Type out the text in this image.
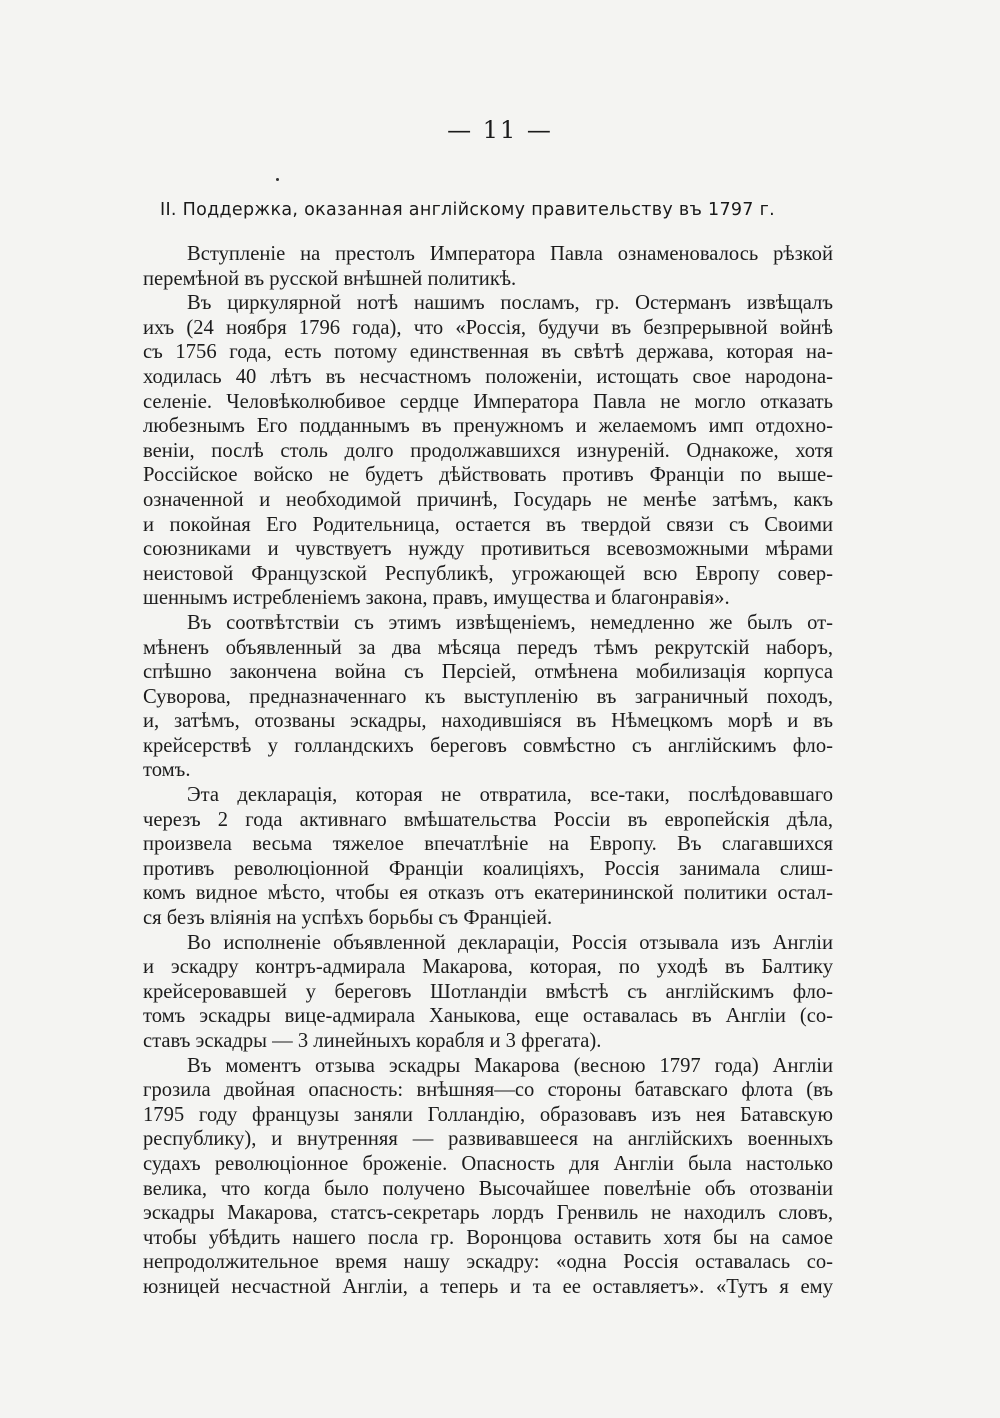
— 11 —
II. Поддержка, оказанная англійскому правительству въ 1797 г.
Вступленіе на престолъ Императора Павла ознаменовалось рѣзкой
перемѣной въ русской внѣшней политикѣ.
Въ циркулярной нотѣ нашимъ посламъ, гр. Остерманъ извѣщалъ
ихъ (24 ноября 1796 года), что «Россія, будучи въ безпрерывной войнѣ
съ 1756 года, есть потому единственная въ свѣтѣ держава, которая на-
ходилась 40 лѣтъ въ несчастномъ положеніи, истощать свое народона-
селеніе. Человѣколюбивое сердце Императора Павла не могло отказать
любезнымъ Его подданнымъ въ пренужномъ и желаемомъ имп отдохно-
веніи, послѣ столь долго продолжавшихся изнуреній. Однакоже, хотя
Россійское войско не будетъ дѣйствовать противъ Франціи по выше-
означенной и необходимой причинѣ, Государь не менѣе затѣмъ, какъ
и покойная Его Родительница, остается въ твердой связи съ Своими
союзниками и чувствуетъ нужду противиться всевозможными мѣрами
неистовой Французской Республикѣ, угрожающей всю Европу совер-
шеннымъ истребленіемъ закона, правъ, имущества и благонравія».
Въ соотвѣтствіи съ этимъ извѣщеніемъ, немедленно же былъ от-
мѣненъ объявленный за два мѣсяца передъ тѣмъ рекрутскій наборъ,
спѣшно закончена война съ Персіей, отмѣнена мобилизація корпуса
Суворова, предназначеннаго къ выступленію въ заграничный походъ,
и, затѣмъ, отозваны эскадры, находившіяся въ Нѣмецкомъ морѣ и въ
крейсерствѣ у голландскихъ береговъ совмѣстно съ англійскимъ фло-
томъ.
Эта декларація, которая не отвратила, все-таки, послѣдовавшаго
черезъ 2 года активнаго вмѣшательства Россіи въ европейскія дѣла,
произвела весьма тяжелое впечатлѣніе на Европу. Въ слагавшихся
противъ революціонной Франціи коалиціяхъ, Россія занимала слиш-
комъ видное мѣсто, чтобы ея отказъ отъ екатерининской политики остал-
ся безъ вліянія на успѣхъ борьбы съ Франціей.
Во исполненіе объявленной деклараціи, Россія отзывала изъ Англіи
и эскадру контръ-адмирала Макарова, которая, по уходѣ въ Балтику
крейсеровавшей у береговъ Шотландіи вмѣстѣ съ англійскимъ фло-
томъ эскадры вице-адмирала Ханыкова, еще оставалась въ Англіи (со-
ставъ эскадры — 3 линейныхъ корабля и 3 фрегата).
Въ моментъ отзыва эскадры Макарова (весною 1797 года) Англіи
грозила двойная опасность: внѣшняя—со стороны батавскаго флота (въ
1795 году французы заняли Голландію, образовавъ изъ нея Батавскую
республику), и внутренняя — развивавшееся на англійскихъ военныхъ
судахъ революціонное броженіе. Опасность для Англіи была настолько
велика, что когда было получено Высочайшее повелѣніе объ отозваніи
эскадры Макарова, статсъ-секретарь лордъ Гренвиль не находилъ словъ,
чтобы убѣдить нашего посла гр. Воронцова оставить хотя бы на самое
непродолжительное время нашу эскадру: «одна Россія оставалась со-
юзницей несчастной Англіи, а теперь и та ее оставляетъ». «Тутъ я ему
